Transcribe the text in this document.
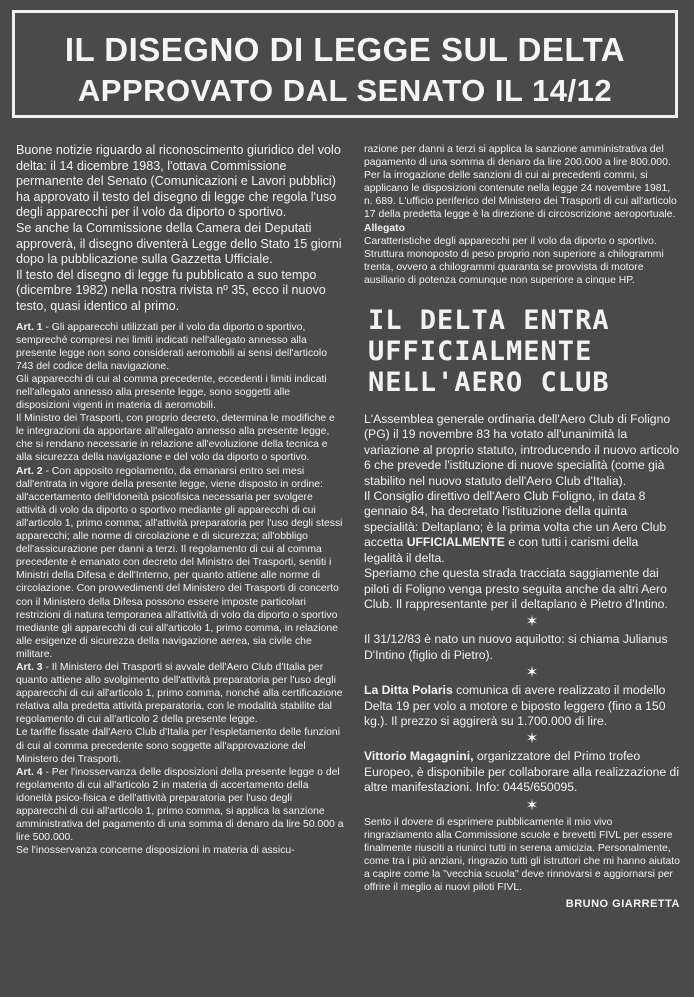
IL DISEGNO DI LEGGE SUL DELTA
APPROVATO DAL SENATO IL 14/12

Buone notizie riguardo al riconoscimento giuridico del volo delta: il 14 dicembre 1983, l'ottava Commissione permanente del Senato (Comunicazioni e Lavori pubblici) ha approvato il testo del disegno di legge che regola l'uso degli apparecchi per il volo da diporto o sportivo.

Se anche la Commissione della Camera dei Deputati approverà, il disegno diventerà Legge dello Stato 15 giorni dopo la pubblicazione sulla Gazzetta Ufficiale.

Il testo del disegno di legge fu pubblicato a suo tempo (dicembre 1982) nella nostra rivista nº 35, ecco il nuovo testo, quasi identico al primo.

Art. 1 - Gli apparecchi utilizzati per il volo da diporto o sportivo, sempreché compresi nei limiti indicati nell'allegato annesso alla presente legge non sono considerati aeromobili ai sensi dell'articolo 743 del codice della navigazione.

Gli apparecchi di cui al comma precedente, eccedenti i limiti indicati nell'allegato annesso alla presente legge, sono soggetti alle disposizioni vigenti in materia di aeromobili.

Il Ministro dei Trasporti, con proprio decreto, determina le modifiche e le integrazioni da apportare all'allegato annesso alla presente legge, che si rendano necessarie in relazione all'evoluzione della tecnica e alla sicurezza della navigazione e del volo da diporto o sportivo.

Art. 2 - Con apposito regolamento, da emanarsi entro sei mesi dall'entrata in vigore della presente legge, viene disposto in ordine: all'accertamento dell'idoneità psicofisica necessaria per svolgere attività di volo da diporto o sportivo mediante gli apparecchi di cui all'articolo 1, primo comma; all'attività preparatoria per l'uso degli stessi apparecchi; alle norme di circolazione e di sicurezza; all'obbligo dell'assicurazione per danni a terzi. Il regolamento di cui al comma precedente è emanato con decreto del Ministro dei Trasporti, sentiti i Ministri della Difesa e dell'Interno, per quanto attiene alle norme di circolazione. Con provvedimenti del Ministero dei Trasporti di concerto con il Ministero della Difesa possono essere imposte particolari restrizioni di natura temporanea all'attività di volo da diporto o sportivo mediante gli apparecchi di cui all'articolo 1, primo comma, in relazione alle esigenze di sicurezza della navigazione aerea, sia civile che militare.

Art. 3 - Il Ministero dei Trasporti si avvale dell'Aero Club d'Italia per quanto attiene allo svolgimento dell'attività preparatoria per l'uso degli apparecchi di cui all'articolo 1, primo comma, nonché alla certificazione relativa alla predetta attività preparatoria, con le modalità stabilite dal regolamento di cui all'articolo 2 della presente legge.

Le tariffe fissate dall'Aero Club d'Italia per l'espletamento delle funzioni di cui al comma precedente sono soggette all'approvazione del Ministero dei Trasporti.

Art. 4 - Per l'inosservanza delle disposizioni della presente legge o del regolamento di cui all'articolo 2 in materia di accertamento della idoneità psico-fisica e dell'attività preparatoria per l'uso degli apparecchi di cui all'articolo 1, primo comma, si applica la sanzione amministrativa del pagamento di una somma di denaro da lire 50.000 a lire 500.000.

Se l'inosservanza concerne disposizioni in materia di assicu-

razione per danni a terzi si applica la sanzione amministrativa del pagamento di una somma di denaro da lire 200.000 a lire 800.000.

Per la irrogazione delle sanzioni di cui ai precedenti commi, si applicano le disposizioni contenute nella legge 24 novembre 1981, n. 689. L'ufficio periferico del Ministero dei Trasporti di cui all'articolo 17 della predetta legge è la direzione di circoscrizione aeroportuale.

Allegato

Caratteristiche degli apparecchi per il volo da diporto o sportivo. Struttura monoposto di peso proprio non superiore a chilogrammi trenta, ovvero a chilogrammi quaranta se provvista di motore ausiliario di potenza comunque non superiore a cinque HP.

IL DELTA ENTRA
UFFICIALMENTE
NELL'AERO CLUB

L'Assemblea generale ordinaria dell'Aero Club di Foligno (PG) il 19 novembre 83 ha votato all'unanimità la variazione al proprio statuto, introducendo il nuovo articolo 6 che prevede l'istituzione di nuove specialità (come già stabilito nel nuovo statuto dell'Aero Club d'Italia).

Il Consiglio direttivo dell'Aero Club Foligno, in data 8 gennaio 84, ha decretato l'istituzione della quinta specialità: Deltaplano; è la prima volta che un Aero Club accetta UFFICIALMENTE e con tutti i carismi della legalità il delta.

Speriamo che questa strada tracciata saggiamente dai piloti di Foligno venga presto seguita anche da altri Aero Club. Il rappresentante per il deltaplano è Pietro d'Intino.

✶

Il 31/12/83 è nato un nuovo aquilotto: si chiama Julianus D'Intino (figlio di Pietro).

✶

La Ditta Polaris comunica di avere realizzato il modello Delta 19 per volo a motore e biposto leggero (fino a 150 kg.). Il prezzo si aggirerà su 1.700.000 di lire.

✶

Vittorio Magagnini, organizzatore del Primo trofeo Europeo, è disponibile per collaborare alla realizzazione di altre manifestazioni. Info: 0445/650095.

✶

Sento il dovere di esprimere pubblicamente il mio vivo ringraziamento alla Commissione scuole e brevetti FIVL per essere finalmente riusciti a riunirci tutti in serena amicizia. Personalmente, come tra i più anziani, ringrazio tutti gli istruttori che mi hanno aiutato a capire come la "vecchia scuola" deve rinnovarsi e aggiornarsi per offrire il meglio ai nuovi piloti FIVL.

BRUNO GIARRETTA
